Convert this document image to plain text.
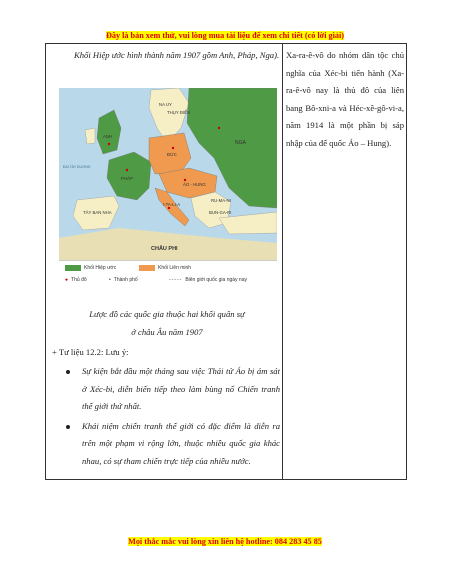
Đây là bản xem thử, vui lòng mua tài liệu để xem chi tiết (có lời giải)
Khối Hiệp ước hình thành năm 1907 gồm Anh, Pháp, Nga).
NA UY
THỤY ĐIỂN
ANH
ĐỨC
PHÁP
NGA
ÁO - HUNG
I-TA-LI-A
RU-MA-NI
BUN-GA-RI
TÂY BAN NHA
CHÂU PHI
ĐẠI TÂY DƯƠNG
Khối Hiệp ước	Khối Liên minh
● Thủ đô	• Thành phố	----- Biên giới quốc gia ngày nay
Lược đồ các quốc gia thuộc hai khối quân sự
ở châu Âu năm 1907
+ Tư liệu 12.2: Lưu ý:
Sự kiện bắt đầu một tháng sau việc Thái tử Áo bị ám sát ở Xéc-bi, diễn biến tiếp theo làm bùng nổ Chiến tranh thế giới thứ nhất.
Khái niệm chiến tranh thế giới có đặc điểm là diễn ra trên một phạm vi rộng lớn, thuộc nhiều quốc gia khác nhau, có sự tham chiến trực tiếp của nhiều nước.
Xa-ra-ê-vô do nhóm dân tộc chủ nghĩa của Xéc-bi tiến hành (Xa-ra-ê-vô nay là thủ đô của liên bang Bô-xni-a và Héc-xê-gô-vi-a, năm 1914 là một phần bị sáp nhập của đế quốc Áo – Hung).
Mọi thắc mắc vui lòng xin liên hệ hotline: 084 283 45 85
